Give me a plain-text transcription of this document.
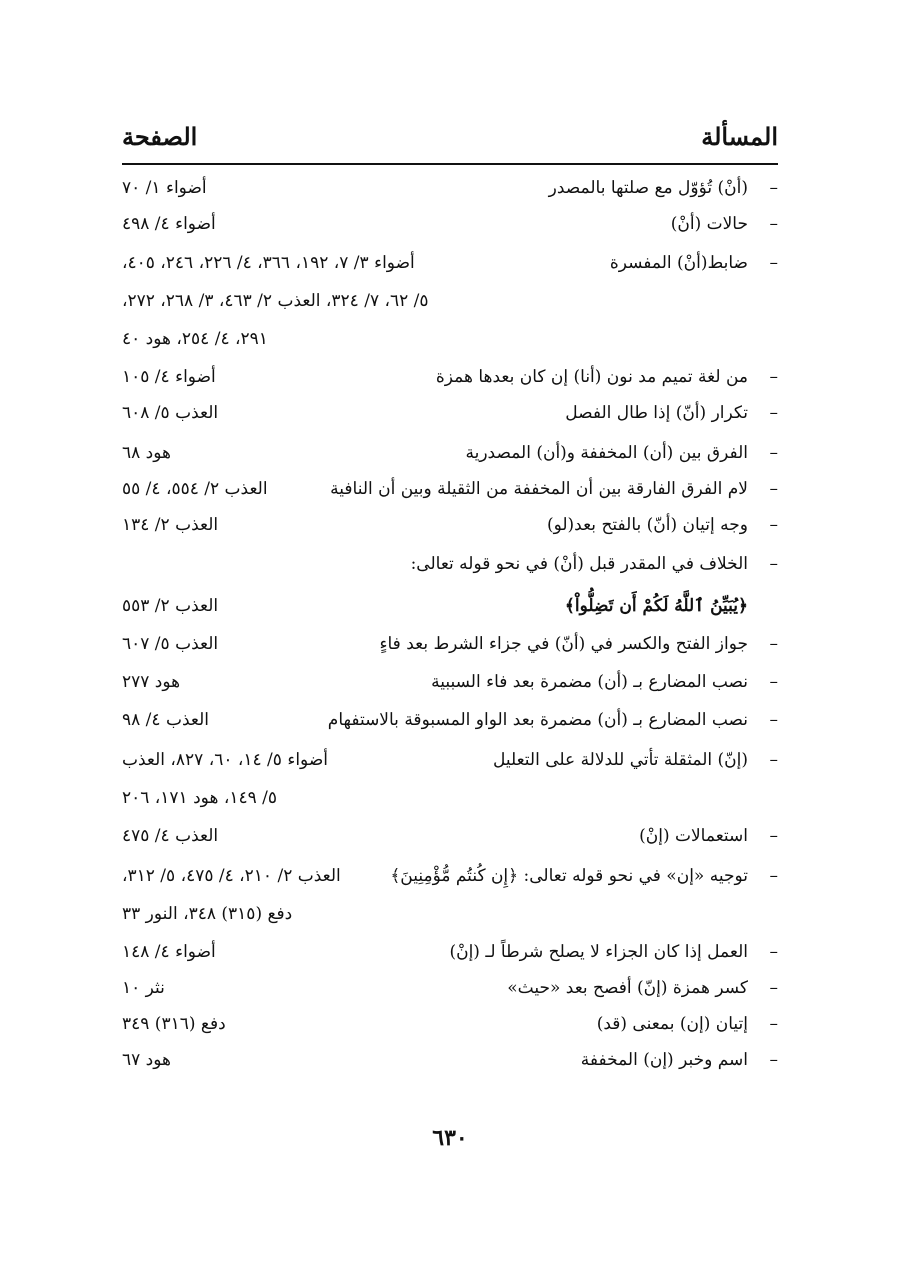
المسألة
الصفحة
–
(أنْ) تُؤوّل مع صلتها بالمصدر
أضواء ١/ ٧٠
–
حالات (أنْ)
أضواء ٤/ ٤٩٨
–
ضابط(أنْ) المفسرة
أضواء ٣/ ٧، ١٩٢، ٣٦٦، ٤/ ٢٢٦، ٢٤٦، ٤٠٥،
٥/ ٦٢، ٧/ ٣٢٤، العذب ٢/ ٤٦٣، ٣/ ٢٦٨، ٢٧٢،
٢٩١، ٤/ ٢٥٤، هود ٤٠
–
من لغة تميم مد نون (أنا) إن كان بعدها همزة
أضواء ٤/ ١٠٥
–
تكرار (أنّ) إذا طال الفصل
العذب ٥/ ٦٠٨
–
الفرق بين (أن) المخففة و(أن) المصدرية
هود ٦٨
–
لام الفرق الفارقة بين أن المخففة من الثقيلة وبين أن النافية
العذب ٢/ ٥٥٤، ٤/ ٥٥
–
وجه إتيان (أنّ) بالفتح بعد(لو)
العذب ٢/ ١٣٤
–
الخلاف في المقدر قبل (أنْ) في نحو قوله تعالى:
﴿يُبَيِّنُ ٱللَّهُ لَكُمْ أَن تَضِلُّواْ﴾
العذب ٢/ ٥٥٣
–
جواز الفتح والكسر في (أنّ) في جزاء الشرط بعد فاءٍ
العذب ٥/ ٦٠٧
–
نصب المضارع بـ (أن) مضمرة بعد فاء السببية
هود ٢٧٧
–
نصب المضارع بـ (أن) مضمرة بعد الواو المسبوقة بالاستفهام
العذب ٤/ ٩٨
–
(إنّ) المثقلة تأتي للدلالة على التعليل
أضواء ٥/ ١٤، ٦٠، ٨٢٧، العذب
٥/ ١٤٩، هود ١٧١، ٢٠٦
–
استعمالات (إنْ)
العذب ٤/ ٤٧٥
–
توجيه «إن» في نحو قوله تعالى: ﴿إِن كُنتُم مُّؤْمِنِينَ﴾
العذب ٢/ ٢١٠، ٤/ ٤٧٥، ٥/ ٣١٢،
دفع (٣١٥) ٣٤٨، النور ٣٣
–
العمل إذا كان الجزاء لا يصلح شرطاً لـ (إنْ)
أضواء ٤/ ١٤٨
–
كسر همزة (إنّ) أفصح بعد «حيث»
نثر ١٠
–
إتيان (إن) بمعنى (قد)
دفع (٣١٦) ٣٤٩
–
اسم وخبر (إن) المخففة
هود ٦٧
٦٣٠
